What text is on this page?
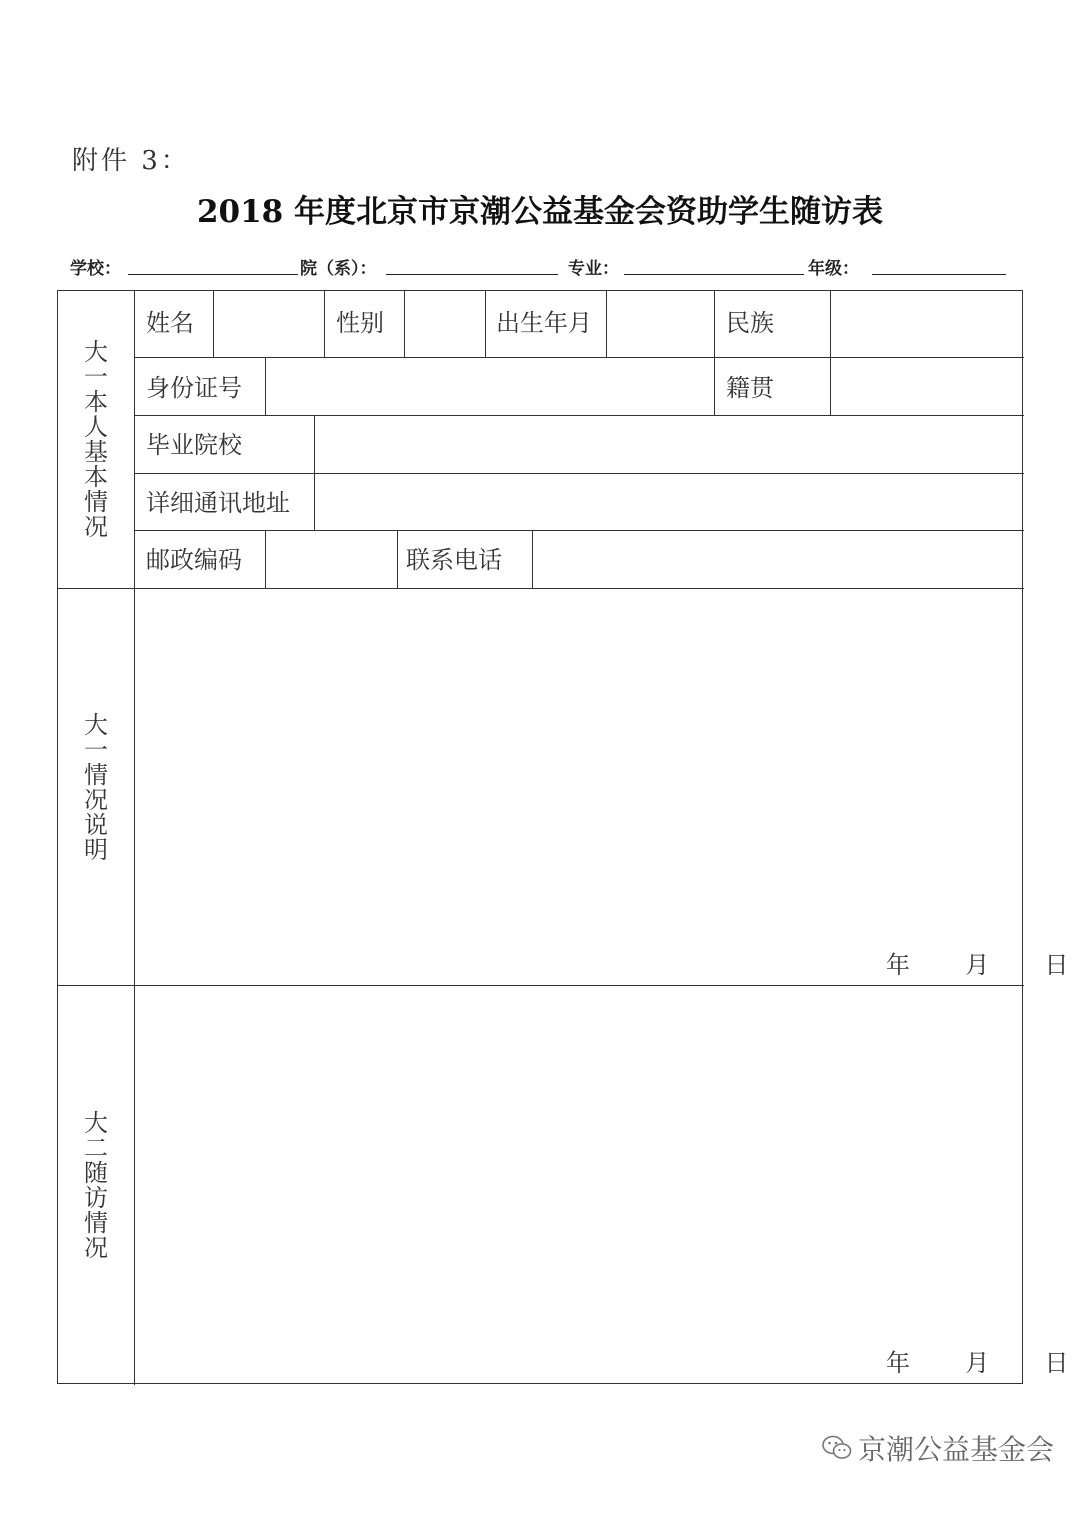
附件 3：
2018 年度北京市京潮公益基金会资助学生随访表
学校：	院（系）：	专业：	年级：
大
一
本
人
基
本
情
况
姓名	性别	出生年月	民族
身份证号	籍贯
毕业院校
详细通讯地址
邮政编码	联系电话
大
一
情
况
说
明
年  月  日
大
二
随
访
情
况
年  月  日
京潮公益基金会
